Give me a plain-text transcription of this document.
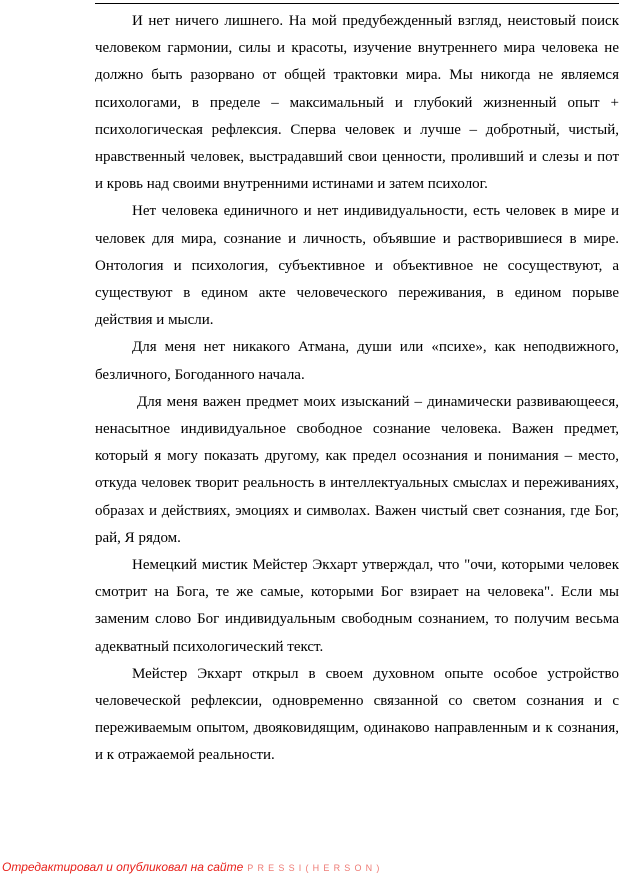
И нет ничего лишнего. На мой предубежденный взгляд, неистовый поиск человеком гармонии, силы и красоты, изучение внутреннего мира человека не должно быть разорвано от общей трактовки мира. Мы никогда не являемся психологами, в пределе – максимальный и глубокий жизненный опыт + психологическая рефлексия. Сперва человек и лучше – добротный, чистый, нравственный человек, выстрадавший свои ценности, проливший и слезы и пот и кровь над своими внутренними истинами и затем психолог.

Нет человека единичного и нет индивидуальности, есть человек в мире и человек для мира, сознание и личность, объявшие и растворившиеся в мире. Онтология и психология, субъективное и объективное не сосуществуют, а существуют в едином акте человеческого переживания, в едином порыве действия и мысли.

Для меня нет никакого Атмана, души или «психе», как неподвижного, безличного, Богоданного начала.

Для меня важен предмет моих изысканий – динамически развивающееся, ненасытное индивидуальное свободное сознание человека. Важен предмет, который я могу показать другому, как предел осознания и понимания – место, откуда человек творит реальность в интеллектуальных смыслах и переживаниях, образах и действиях, эмоциях и символах. Важен чистый свет сознания, где Бог, рай, Я рядом.

Немецкий мистик Мейстер Экхарт утверждал, что "очи, которыми человек смотрит на Бога, те же самые, которыми Бог взирает на человека". Если мы заменим слово Бог индивидуальным свободным сознанием, то получим весьма адекватный психологический текст.

Мейстер Экхарт открыл в своем духовном опыте особое устройство человеческой рефлексии, одновременно связанной со светом сознания и с переживаемым опытом, двояковидящим, одинаково направленным и к сознания, и к отражаемой реальности.

Отредактировал и опубликовал на сайте PRESSI(HERSON)
